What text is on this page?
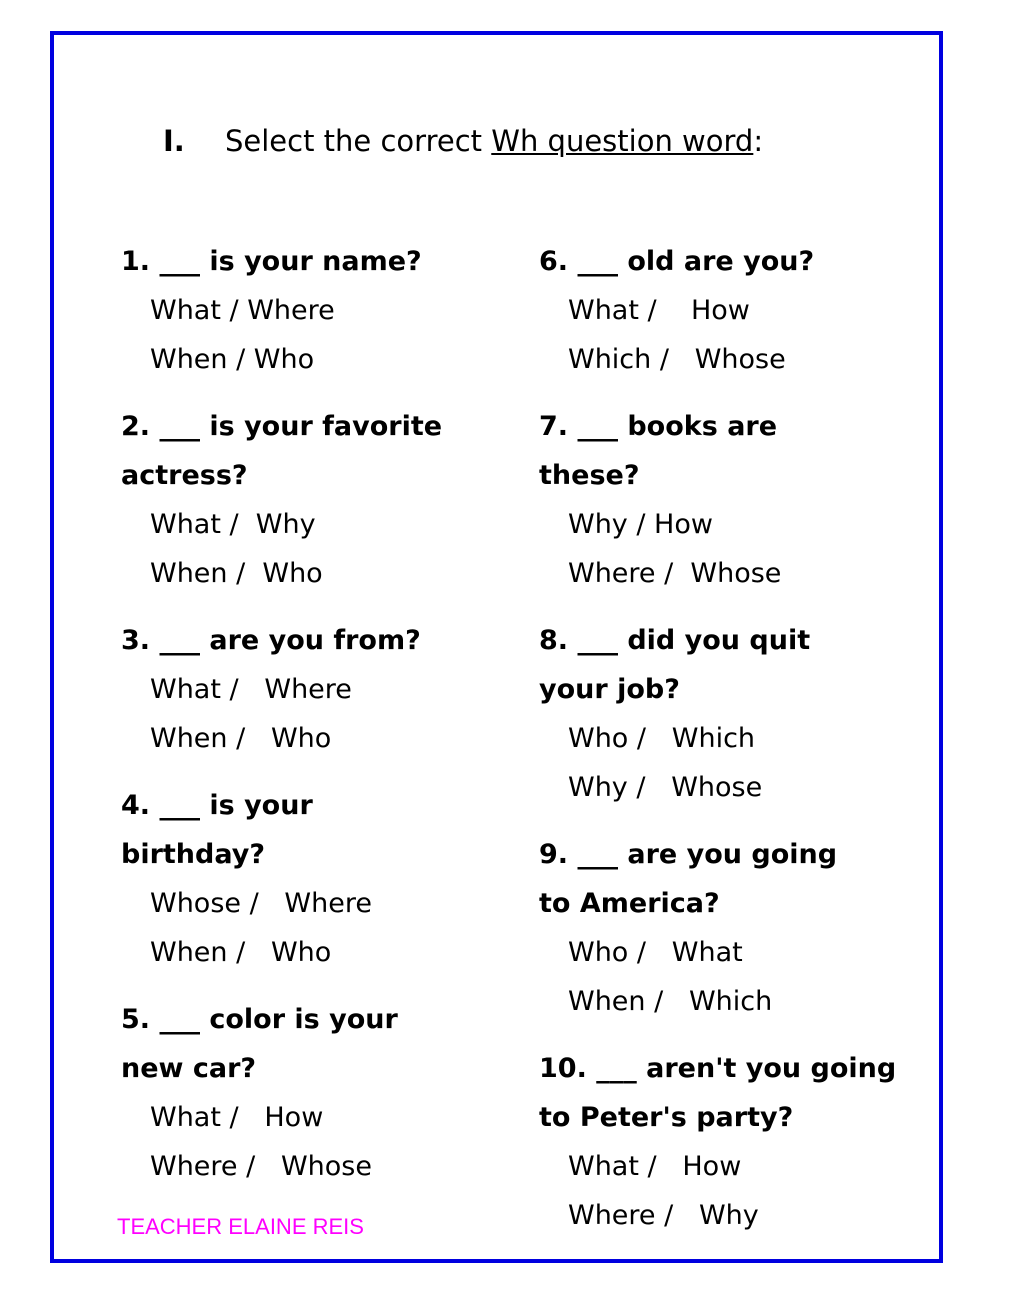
I. Select the correct Wh question word:
1. ___ is your name?
What / Where
When / Who
2. ___ is your favorite actress?
What /  Why
When /  Who
3. ___ are you from?
What /   Where
When /   Who
4. ___ is your birthday?
Whose /   Where
When /   Who
5. ___ color is your new car?
What /   How
Where /   Whose
6. ___ old are you?
What /    How
Which /   Whose
7. ___ books are these?
Why / How
Where /  Whose
8. ___ did you quit your job?
Who /   Which
Why /   Whose
9. ___ are you going to America?
Who /   What
When /   Which
10. ___ aren't you going to Peter's party?
What /   How
Where /   Why
TEACHER ELAINE REIS
